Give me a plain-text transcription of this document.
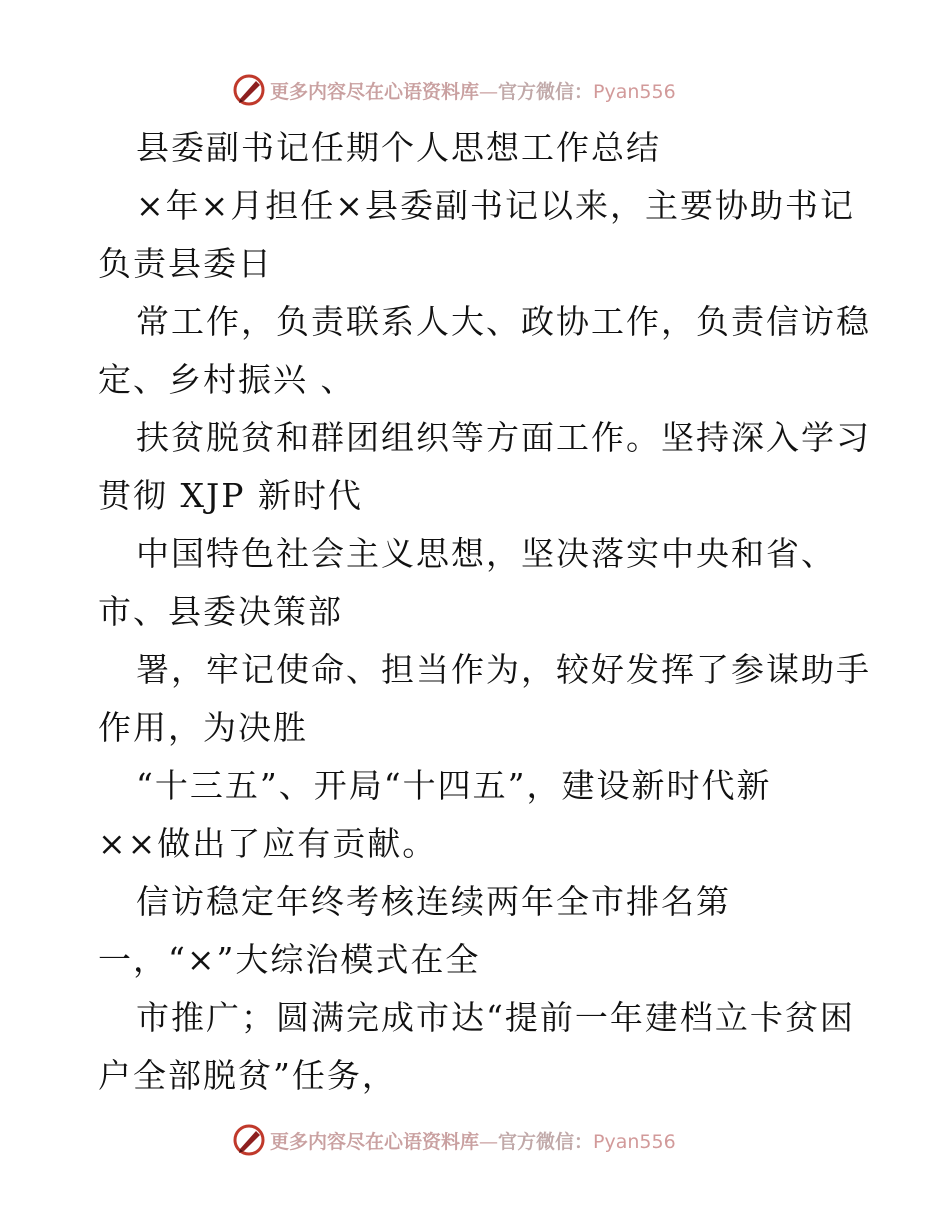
更多内容尽在心语资料库—官方微信：Pyan556
县委副书记任期个人思想工作总结
×年×月担任×县委副书记以来，主要协助书记
负责县委日
常工作，负责联系人大、政协工作，负责信访稳
定、乡村振兴 、
扶贫脱贫和群团组织等方面工作。坚持深入学习
贯彻 XJP 新时代
中国特色社会主义思想，坚决落实中央和省、
市、县委决策部
署，牢记使命、担当作为，较好发挥了参谋助手
作用，为决胜
“十三五”、开局“十四五”，建设新时代新
××做出了应有贡献。
信访稳定年终考核连续两年全市排名第
一，“×”大综治模式在全
市推广；圆满完成市达“提前一年建档立卡贫困
户全部脱贫”任务，
更多内容尽在心语资料库—官方微信：Pyan556
